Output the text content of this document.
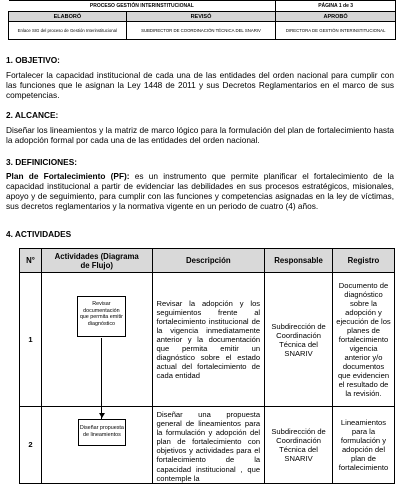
PROCESO GESTIÓN INTERINSTITUCIONAL		PÁGINA 1 de 3
ELABORÓ	REVISÓ	APROBÓ
Enlace SIG del proceso de Gestión Interinstitucional	SUBDIRECTOR DE COORDINACIÓN TÉCNICA DEL SNARIV	DIRECTORA DE GESTIÓN INTERINSTITUCIONAL
1. OBJETIVO:
Fortalecer la capacidad institucional de cada una de las entidades del orden nacional para cumplir con las funciones que le asignan la Ley 1448 de 2011 y sus Decretos Reglamentarios en el marco de sus competencias.
2. ALCANCE:
Diseñar los lineamientos y la matriz de marco lógico para la formulación del plan de fortalecimiento hasta la adopción formal por cada una de las entidades del orden nacional.
3. DEFINICIONES:
Plan de Fortalecimiento (PF): es un instrumento que permite planificar el fortalecimiento de la capacidad institucional a partir de evidenciar las debilidades en sus procesos estratégicos, misionales, apoyo y de seguimiento, para cumplir con las funciones y competencias asignadas en la ley de víctimas, sus decretos reglamentarios y la normativa vigente en un periodo de cuatro (4) años.
4. ACTIVIDADES
N°	Actividades (Diagrama de Flujo)	Descripción	Responsable	Registro
1	Revisar documentación que permita emitir diagnóstico	Revisar la adopción y los seguimientos frente al fortalecimiento institucional de la vigencia inmediatamente anterior y la documentación que permita emitir un diagnóstico sobre el estado actual del fortalecimiento de cada entidad	Subdirección de Coordinación Técnica del SNARIV	Documento de diagnóstico sobre la adopción y ejecución de los planes de fortalecimiento vigencia anterior y/o documentos que evidencien el resultado de la revisión.
2	Diseñar propuesta de lineamientos	Diseñar una propuesta general de lineamientos para la formulación y adopción del plan de fortalecimiento con objetivos y actividades para el fortalecimiento de la capacidad institucional , que contemple la	Subdirección de Coordinación Técnica del SNARIV	Lineamientos para la formulación y adopción del plan de fortalecimiento
